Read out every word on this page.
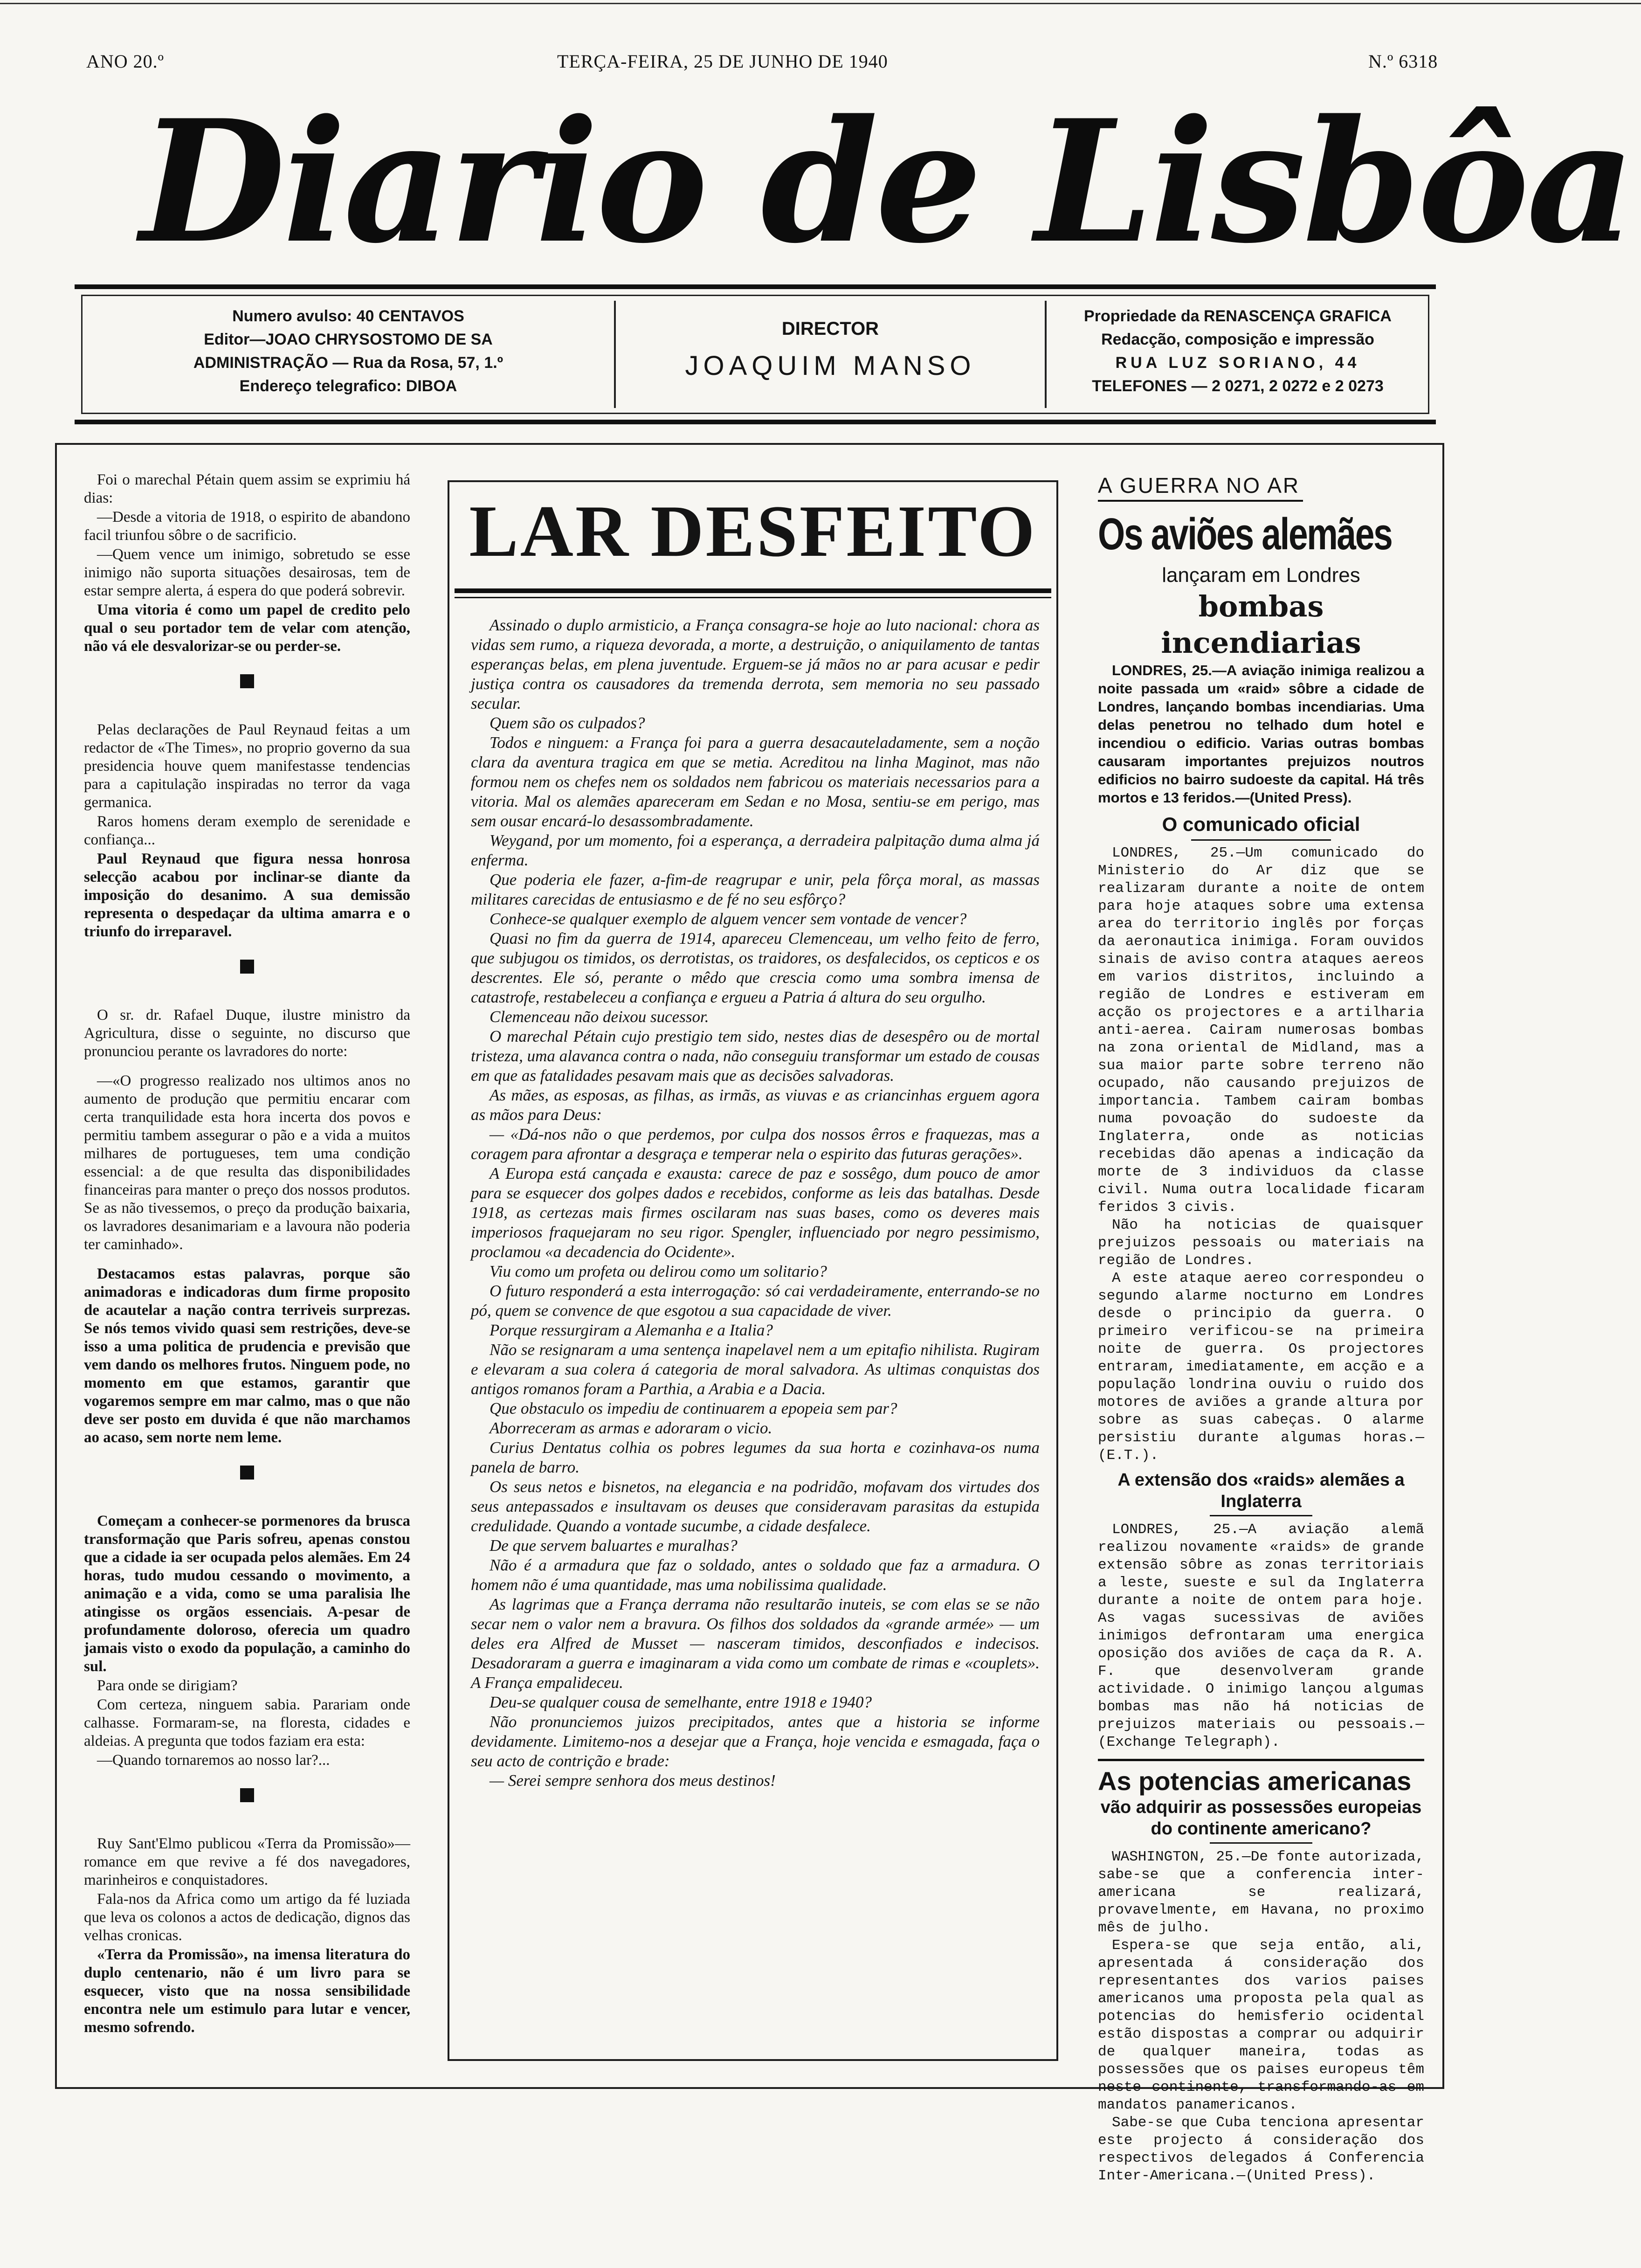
ANO 20.º	TERÇA-FEIRA, 25 DE JUNHO DE 1940	N.º 6318
Diario de Lisbôa
Numero avulso: 40 CENTAVOS
Editor—JOAO CHRYSOSTOMO DE SA
ADMINISTRAÇÃO — Rua da Rosa, 57, 1.º
Endereço telegrafico: DIBOA
DIRECTOR
JOAQUIM MANSO
Propriedade da RENASCENÇA GRAFICA
Redacção, composição e impressão
RUA LUZ SORIANO, 44
TELEFONES — 2 0271, 2 0272 e 2 0273

Foi o marechal Pétain quem assim se exprimiu há dias:

—Desde a vitoria de 1918, o espirito de abandono facil triunfou sôbre o de sacrificio.

—Quem vence um inimigo, sobretudo se esse inimigo não suporta situações desairosas, tem de estar sempre alerta, á espera do que poderá sobrevir.

Uma vitoria é como um papel de credito pelo qual o seu portador tem de velar com atenção, não vá ele desvalorizar-se ou perder-se.

Pelas declarações de Paul Reynaud feitas a um redactor de «The Times», no proprio governo da sua presidencia houve quem manifestasse tendencias para a capitulação inspiradas no terror da vaga germanica.

Raros homens deram exemplo de serenidade e confiança...

Paul Reynaud que figura nessa honrosa selecção acabou por inclinar-se diante da imposição do desanimo. A sua demissão representa o despedaçar da ultima amarra e o triunfo do irreparavel.

O sr. dr. Rafael Duque, ilustre ministro da Agricultura, disse o seguinte, no discurso que pronunciou perante os lavradores do norte:

—«O progresso realizado nos ultimos anos no aumento de produção que permitiu encarar com certa tranquilidade esta hora incerta dos povos e permitiu tambem assegurar o pão e a vida a muitos milhares de portugueses, tem uma condição essencial: a de que resulta das disponibilidades financeiras para manter o preço dos nossos produtos. Se as não tivessemos, o preço da produção baixaria, os lavradores desanimariam e a lavoura não poderia ter caminhado».

Destacamos estas palavras, porque são animadoras e indicadoras dum firme proposito de acautelar a nação contra terriveis surprezas. Se nós temos vivido quasi sem restrições, deve-se isso a uma politica de prudencia e previsão que vem dando os melhores frutos. Ninguem pode, no momento em que estamos, garantir que vogaremos sempre em mar calmo, mas o que não deve ser posto em duvida é que não marchamos ao acaso, sem norte nem leme.

Começam a conhecer-se pormenores da brusca transformação que Paris sofreu, apenas constou que a cidade ia ser ocupada pelos alemães. Em 24 horas, tudo mudou cessando o movimento, a animação e a vida, como se uma paralisia lhe atingisse os orgãos essenciais. A-pesar de profundamente doloroso, oferecia um quadro jamais visto o exodo da população, a caminho do sul.

Para onde se dirigiam?

Com certeza, ninguem sabia. Parariam onde calhasse. Formaram-se, na floresta, cidades e aldeias. A pregunta que todos faziam era esta:

—Quando tornaremos ao nosso lar?...

Ruy Sant'Elmo publicou «Terra da Promissão»—romance em que revive a fé dos navegadores, marinheiros e conquistadores.

Fala-nos da Africa como um artigo da fé luziada que leva os colonos a actos de dedicação, dignos das velhas cronicas.

«Terra da Promissão», na imensa literatura do duplo centenario, não é um livro para se esquecer, visto que na nossa sensibilidade encontra nele um estimulo para lutar e vencer, mesmo sofrendo.

LAR DESFEITO

Assinado o duplo armisticio, a França consagra-se hoje ao luto nacional: chora as vidas sem rumo, a riqueza devorada, a morte, a destruição, o aniquilamento de tantas esperanças belas, em plena juventude. Erguem-se já mãos no ar para acusar e pedir justiça contra os causadores da tremenda derrota, sem memoria no seu passado secular.

Quem são os culpados?

Todos e ninguem: a França foi para a guerra desacauteladamente, sem a noção clara da aventura tragica em que se metia. Acreditou na linha Maginot, mas não formou nem os chefes nem os soldados nem fabricou os materiais necessarios para a vitoria. Mal os alemães apareceram em Sedan e no Mosa, sentiu-se em perigo, mas sem ousar encará-lo desassombradamente.

Weygand, por um momento, foi a esperança, a derradeira palpitação duma alma já enferma.

Que poderia ele fazer, a-fim-de reagrupar e unir, pela fôrça moral, as massas militares carecidas de entusiasmo e de fé no seu esfôrço?

Conhece-se qualquer exemplo de alguem vencer sem vontade de vencer?

Quasi no fim da guerra de 1914, apareceu Clemenceau, um velho feito de ferro, que subjugou os timidos, os derrotistas, os traidores, os desfalecidos, os cepticos e os descrentes. Ele só, perante o mêdo que crescia como uma sombra imensa de catastrofe, restabeleceu a confiança e ergueu a Patria á altura do seu orgulho.

Clemenceau não deixou sucessor.

O marechal Pétain cujo prestigio tem sido, nestes dias de desespêro ou de mortal tristeza, uma alavanca contra o nada, não conseguiu transformar um estado de cousas em que as fatalidades pesavam mais que as decisões salvadoras.

As mães, as esposas, as filhas, as irmãs, as viuvas e as criancinhas erguem agora as mãos para Deus:

— «Dá-nos não o que perdemos, por culpa dos nossos êrros e fraquezas, mas a coragem para afrontar a desgraça e temperar nela o espirito das futuras gerações».

A Europa está cançada e exausta: carece de paz e sossêgo, dum pouco de amor para se esquecer dos golpes dados e recebidos, conforme as leis das batalhas. Desde 1918, as certezas mais firmes oscilaram nas suas bases, como os deveres mais imperiosos fraquejaram no seu rigor. Spengler, influenciado por negro pessimismo, proclamou «a decadencia do Ocidente».

Viu como um profeta ou delirou como um solitario?

O futuro responderá a esta interrogação: só cai verdadeiramente, enterrando-se no pó, quem se convence de que esgotou a sua capacidade de viver.

Porque ressurgiram a Alemanha e a Italia?

Não se resignaram a uma sentença inapelavel nem a um epitafio nihilista. Rugiram e elevaram a sua colera á categoria de moral salvadora. As ultimas conquistas dos antigos romanos foram a Parthia, a Arabia e a Dacia.

Que obstaculo os impediu de continuarem a epopeia sem par?

Aborreceram as armas e adoraram o vicio.

Curius Dentatus colhia os pobres legumes da sua horta e cozinhava-os numa panela de barro.

Os seus netos e bisnetos, na elegancia e na podridão, mofavam dos virtudes dos seus antepassados e insultavam os deuses que consideravam parasitas da estupida credulidade. Quando a vontade sucumbe, a cidade desfalece.

De que servem baluartes e muralhas?

Não é a armadura que faz o soldado, antes o soldado que faz a armadura. O homem não é uma quantidade, mas uma nobilissima qualidade.

As lagrimas que a França derrama não resultarão inuteis, se com elas se se não secar nem o valor nem a bravura. Os filhos dos soldados da «grande armée» — um deles era Alfred de Musset — nasceram timidos, desconfiados e indecisos. Desadoraram a guerra e imaginaram a vida como um combate de rimas e «couplets». A França empalideceu.

Deu-se qualquer cousa de semelhante, entre 1918 e 1940?

Não pronunciemos juizos precipitados, antes que a historia se informe devidamente. Limitemo-nos a desejar que a França, hoje vencida e esmagada, faça o seu acto de contrição e brade:

— Serei sempre senhora dos meus destinos!

A GUERRA NO AR
Os aviões alemães
lançaram em Londres
bombas incendiarias

LONDRES, 25.—A aviação inimiga realizou a noite passada um «raid» sôbre a cidade de Londres, lançando bombas incendiarias. Uma delas penetrou no telhado dum hotel e incendiou o edificio. Varias outras bombas causaram importantes prejuizos noutros edificios no bairro sudoeste da capital. Há três mortos e 13 feridos.—(United Press).

O comunicado oficial

LONDRES, 25.—Um comunicado do Ministerio do Ar diz que se realizaram durante a noite de ontem para hoje ataques sobre uma extensa area do territorio inglês por forças da aeronautica inimiga. Foram ouvidos sinais de aviso contra ataques aereos em varios distritos, incluindo a região de Londres e estiveram em acção os projectores e a artilharia anti-aerea. Cairam numerosas bombas na zona oriental de Midland, mas a sua maior parte sobre terreno não ocupado, não causando prejuizos de importancia. Tambem cairam bombas numa povoação do sudoeste da Inglaterra, onde as noticias recebidas dão apenas a indicação da morte de 3 individuos da classe civil. Numa outra localidade ficaram feridos 3 civis.

Não ha noticias de quaisquer prejuizos pessoais ou materiais na região de Londres.

A este ataque aereo correspondeu o segundo alarme nocturno em Londres desde o principio da guerra. O primeiro verificou-se na primeira noite de guerra. Os projectores entraram, imediatamente, em acção e a população londrina ouviu o ruido dos motores de aviões a grande altura por sobre as suas cabeças. O alarme persistiu durante algumas horas.—(E.T.).

A extensão dos «raids» alemães a Inglaterra

LONDRES, 25.—A aviação alemã realizou novamente «raids» de grande extensão sôbre as zonas territoriais a leste, sueste e sul da Inglaterra durante a noite de ontem para hoje. As vagas sucessivas de aviões inimigos defrontaram uma energica oposição dos aviões de caça da R. A. F. que desenvolveram grande actividade. O inimigo lançou algumas bombas mas não há noticias de prejuizos materiais ou pessoais.—(Exchange Telegraph).

As potencias americanas
vão adquirir as possessões europeias do continente americano?

WASHINGTON, 25.—De fonte autorizada, sabe-se que a conferencia inter-americana se realizará, provavelmente, em Havana, no proximo mês de julho.

Espera-se que seja então, ali, apresentada á consideração dos representantes dos varios paises americanos uma proposta pela qual as potencias do hemisferio ocidental estão dispostas a comprar ou adquirir de qualquer maneira, todas as possessões que os paises europeus têm neste continente, transformando-as em mandatos panamericanos.

Sabe-se que Cuba tenciona apresentar este projecto á consideração dos respectivos delegados á Conferencia Inter-Americana.—(United Press).
